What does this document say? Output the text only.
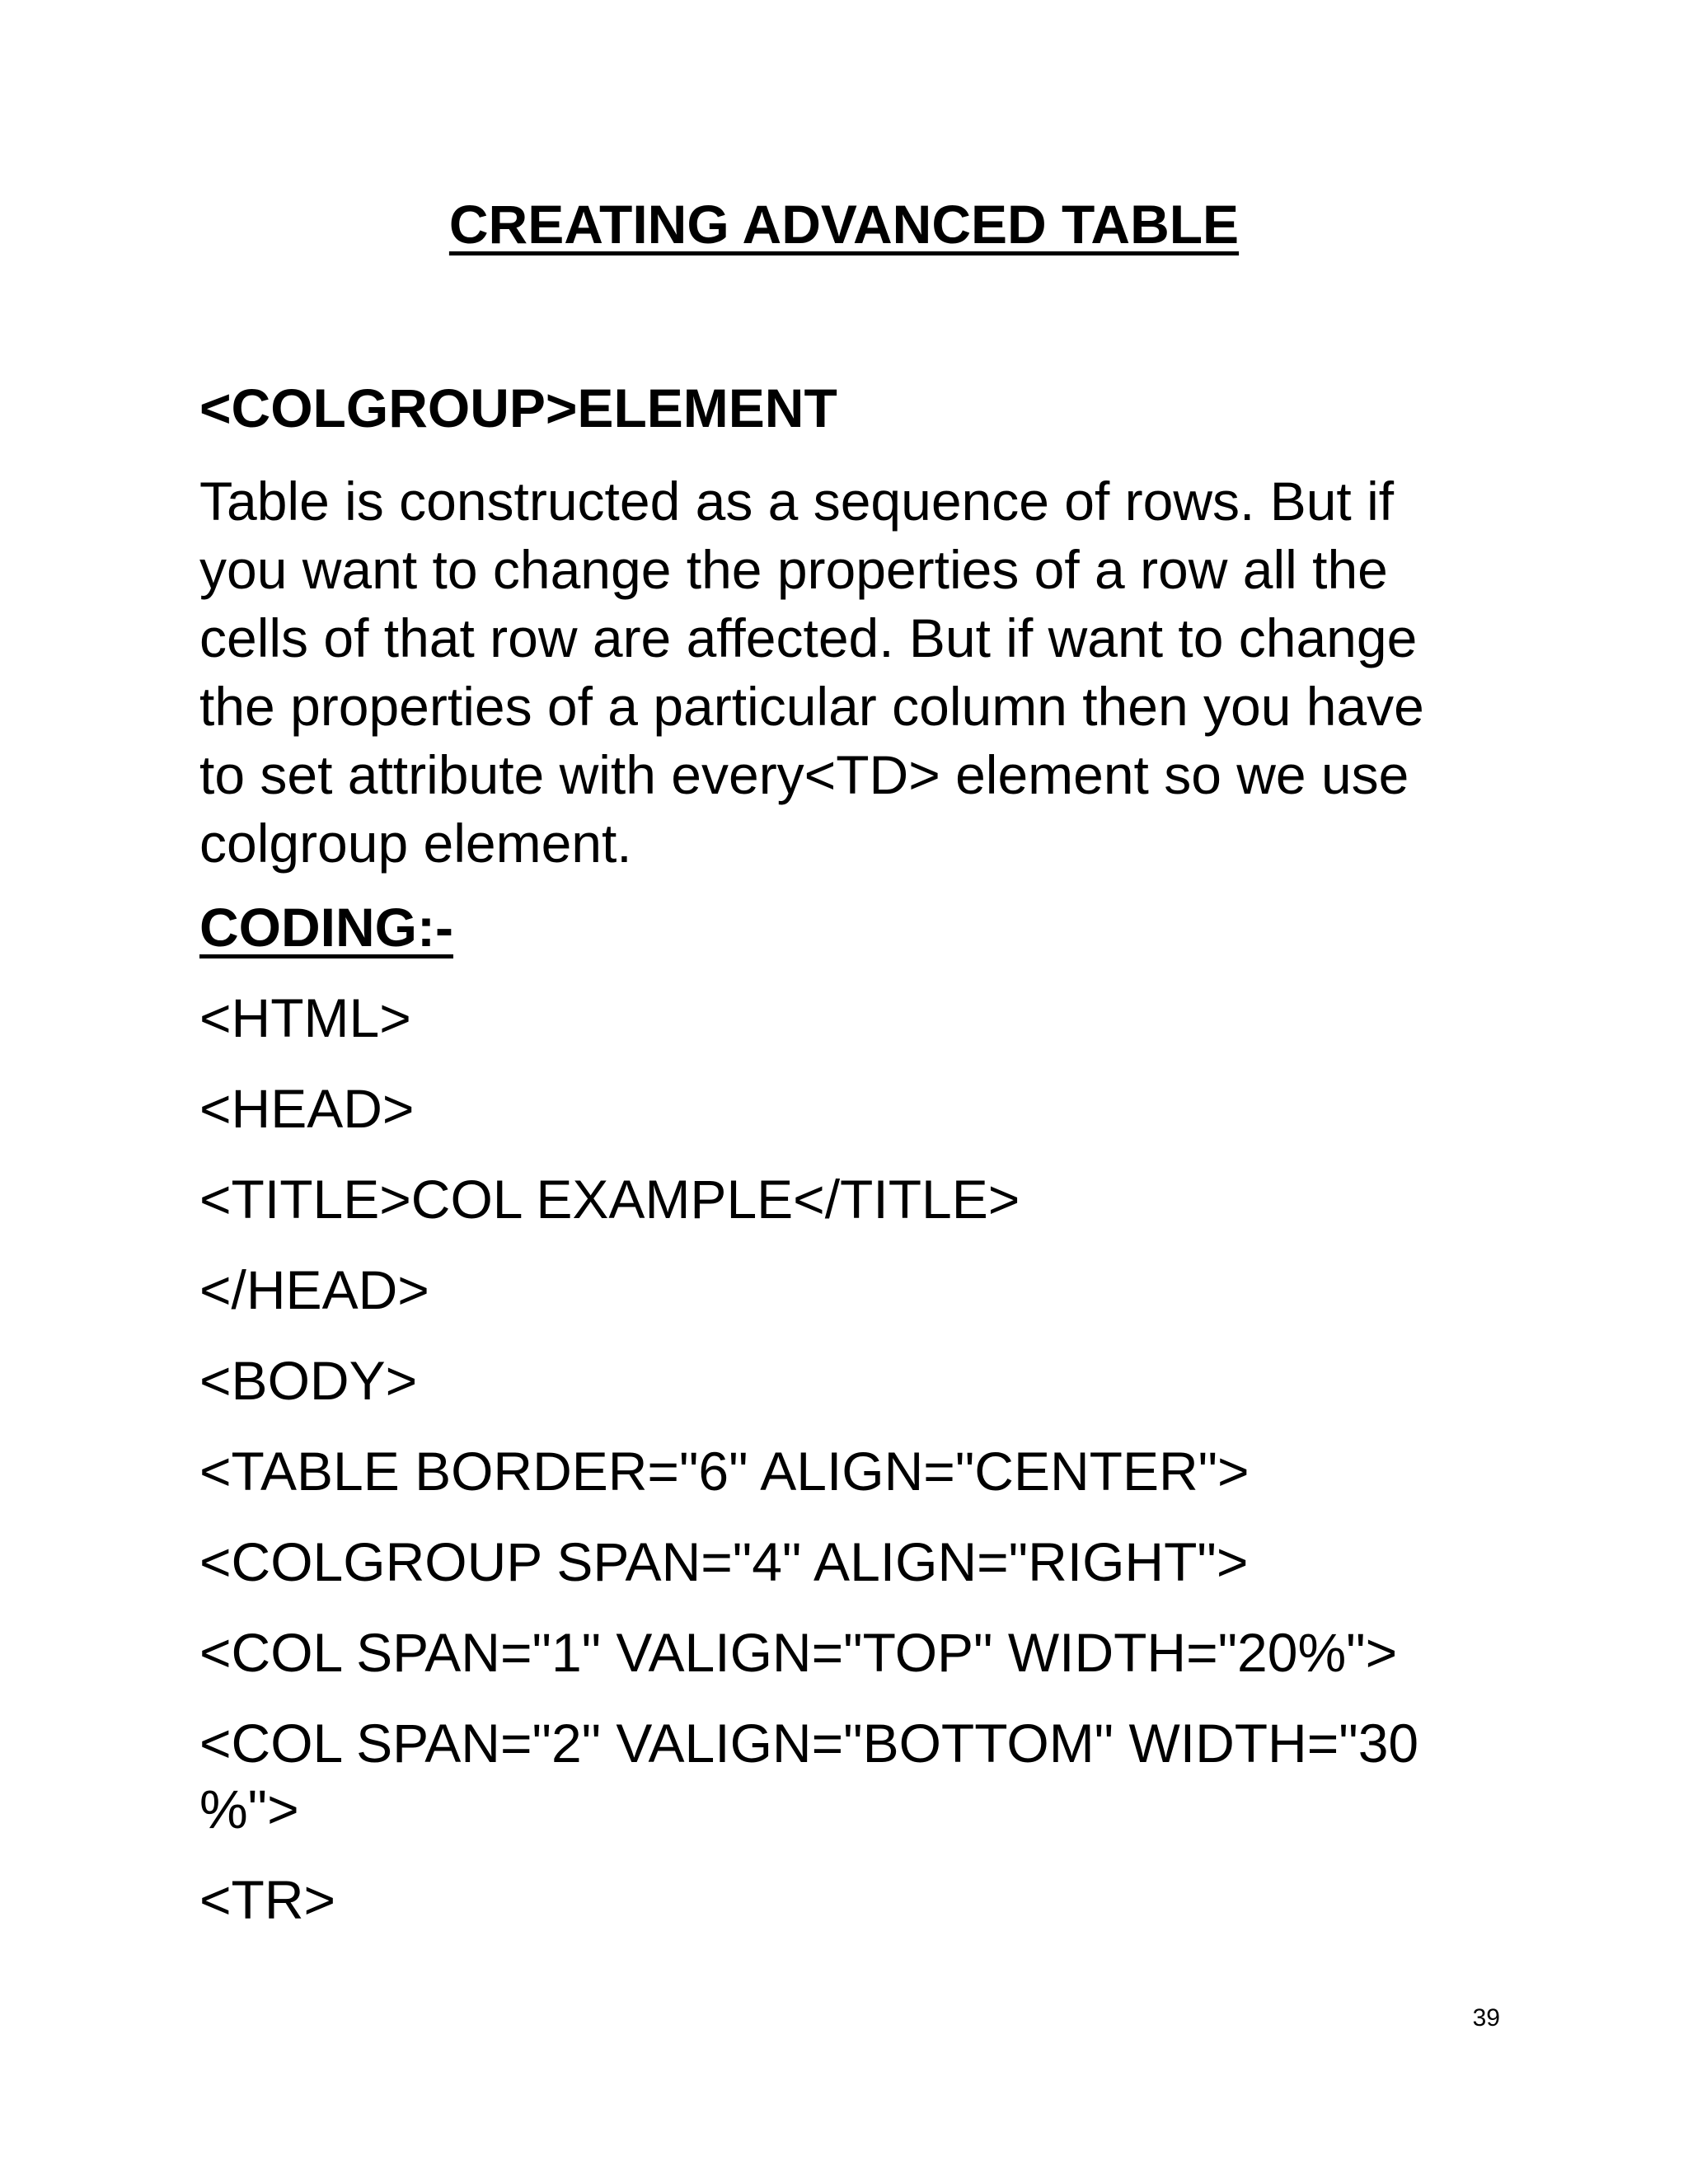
CREATING ADVANCED TABLE
<COLGROUP>ELEMENT

Table is constructed as a sequence of rows. But if
you want to change the properties of a row all the
cells of that row are affected. But if want to change
the properties of a particular column then you have
to set attribute with every<TD> element so we use
colgroup element.

CODING:-
<HTML>
<HEAD>
<TITLE>COL EXAMPLE</TITLE>
</HEAD>
<BODY>
<TABLE BORDER="6" ALIGN="CENTER">
<COLGROUP SPAN="4" ALIGN="RIGHT">
<COL SPAN="1" VALIGN="TOP" WIDTH="20%">
<COL SPAN="2" VALIGN="BOTTOM" WIDTH="30
%">
<TR>
39
